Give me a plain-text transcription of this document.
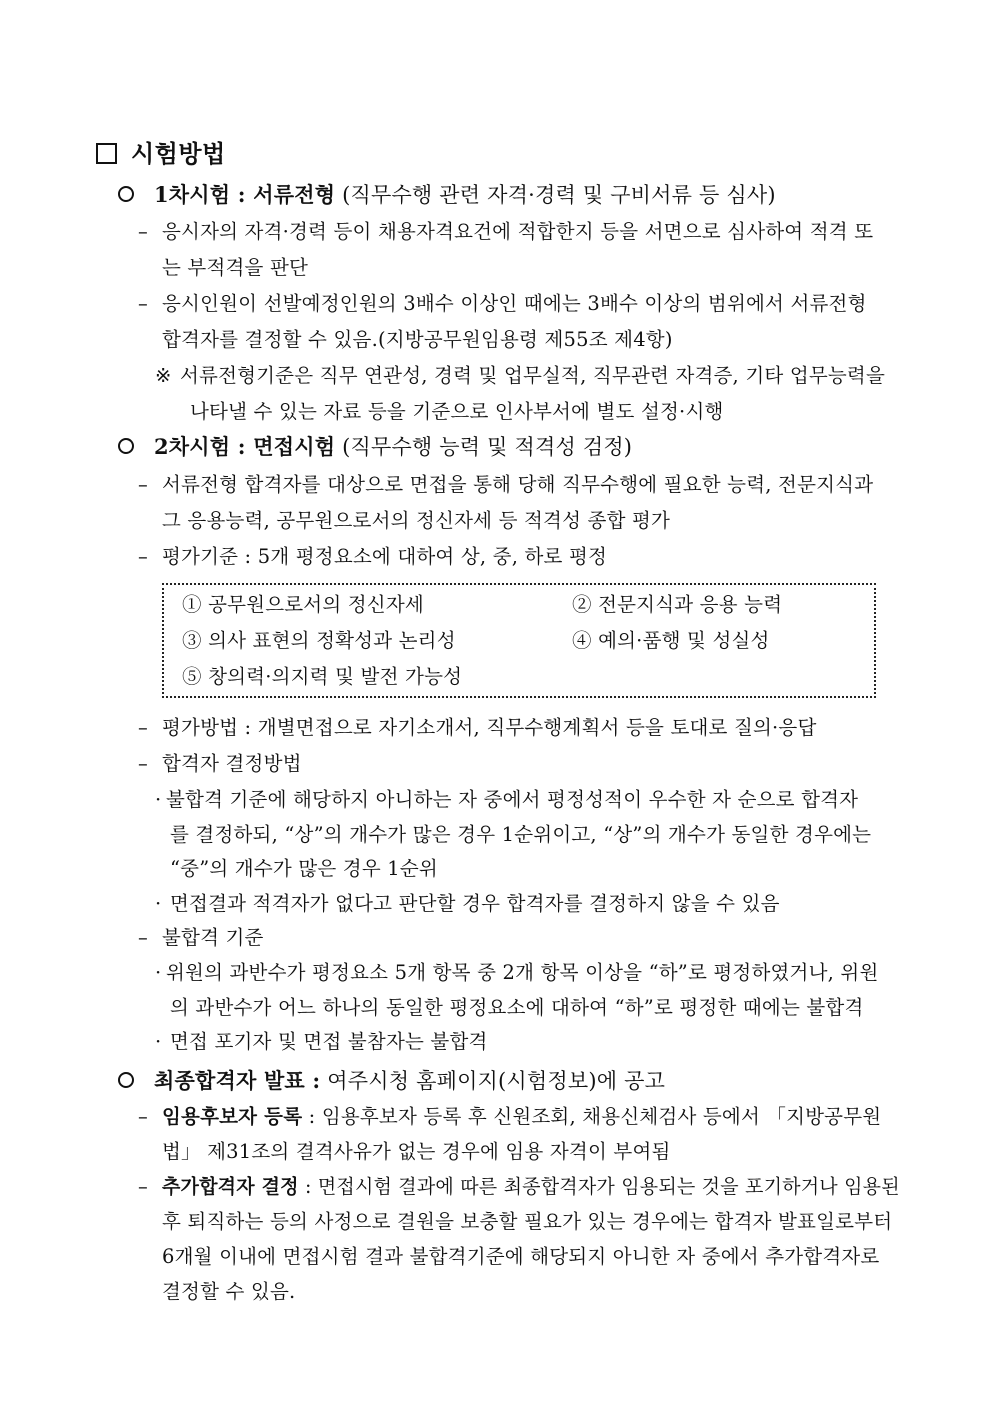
시험방법
1차시험 : 서류전형 (직무수행 관련 자격·경력 및 구비서류 등 심사)
– 응시자의 자격·경력 등이 채용자격요건에 적합한지 등을 서면으로 심사하여 적격 또
는 부적격을 판단
– 응시인원이 선발예정인원의 3배수 이상인 때에는 3배수 이상의 범위에서 서류전형
합격자를 결정할 수 있음.(지방공무원임용령 제55조 제4항)
※ 서류전형기준은 직무 연관성, 경력 및 업무실적, 직무관련 자격증, 기타 업무능력을
나타낼 수 있는 자료 등을 기준으로 인사부서에 별도 설정·시행
2차시험 : 면접시험 (직무수행 능력 및 적격성 검정)
– 서류전형 합격자를 대상으로 면접을 통해 당해 직무수행에 필요한 능력, 전문지식과
그 응용능력, 공무원으로서의 정신자세 등 적격성 종합 평가
– 평가기준 : 5개 평정요소에 대하여 상, 중, 하로 평정
① 공무원으로서의 정신자세	② 전문지식과 응용 능력
③ 의사 표현의 정확성과 논리성	④ 예의·품행 및 성실성
⑤ 창의력·의지력 및 발전 가능성
– 평가방법 : 개별면접으로 자기소개서, 직무수행계획서 등을 토대로 질의·응답
– 합격자 결정방법
· 불합격 기준에 해당하지 아니하는 자 중에서 평정성적이 우수한 자 순으로 합격자
를 결정하되, “상”의 개수가 많은 경우 1순위이고, “상”의 개수가 동일한 경우에는
“중”의 개수가 많은 경우 1순위
· 면접결과 적격자가 없다고 판단할 경우 합격자를 결정하지 않을 수 있음
– 불합격 기준
· 위원의 과반수가 평정요소 5개 항목 중 2개 항목 이상을 “하”로 평정하였거나, 위원
의 과반수가 어느 하나의 동일한 평정요소에 대하여 “하”로 평정한 때에는 불합격
· 면접 포기자 및 면접 불참자는 불합격
최종합격자 발표 : 여주시청 홈페이지(시험정보)에 공고
– 임용후보자 등록 : 임용후보자 등록 후 신원조회, 채용신체검사 등에서 「지방공무원
법」 제31조의 결격사유가 없는 경우에 임용 자격이 부여됨
– 추가합격자 결정 : 면접시험 결과에 따른 최종합격자가 임용되는 것을 포기하거나 임용된
후 퇴직하는 등의 사정으로 결원을 보충할 필요가 있는 경우에는 합격자 발표일로부터
6개월 이내에 면접시험 결과 불합격기준에 해당되지 아니한 자 중에서 추가합격자로
결정할 수 있음.
